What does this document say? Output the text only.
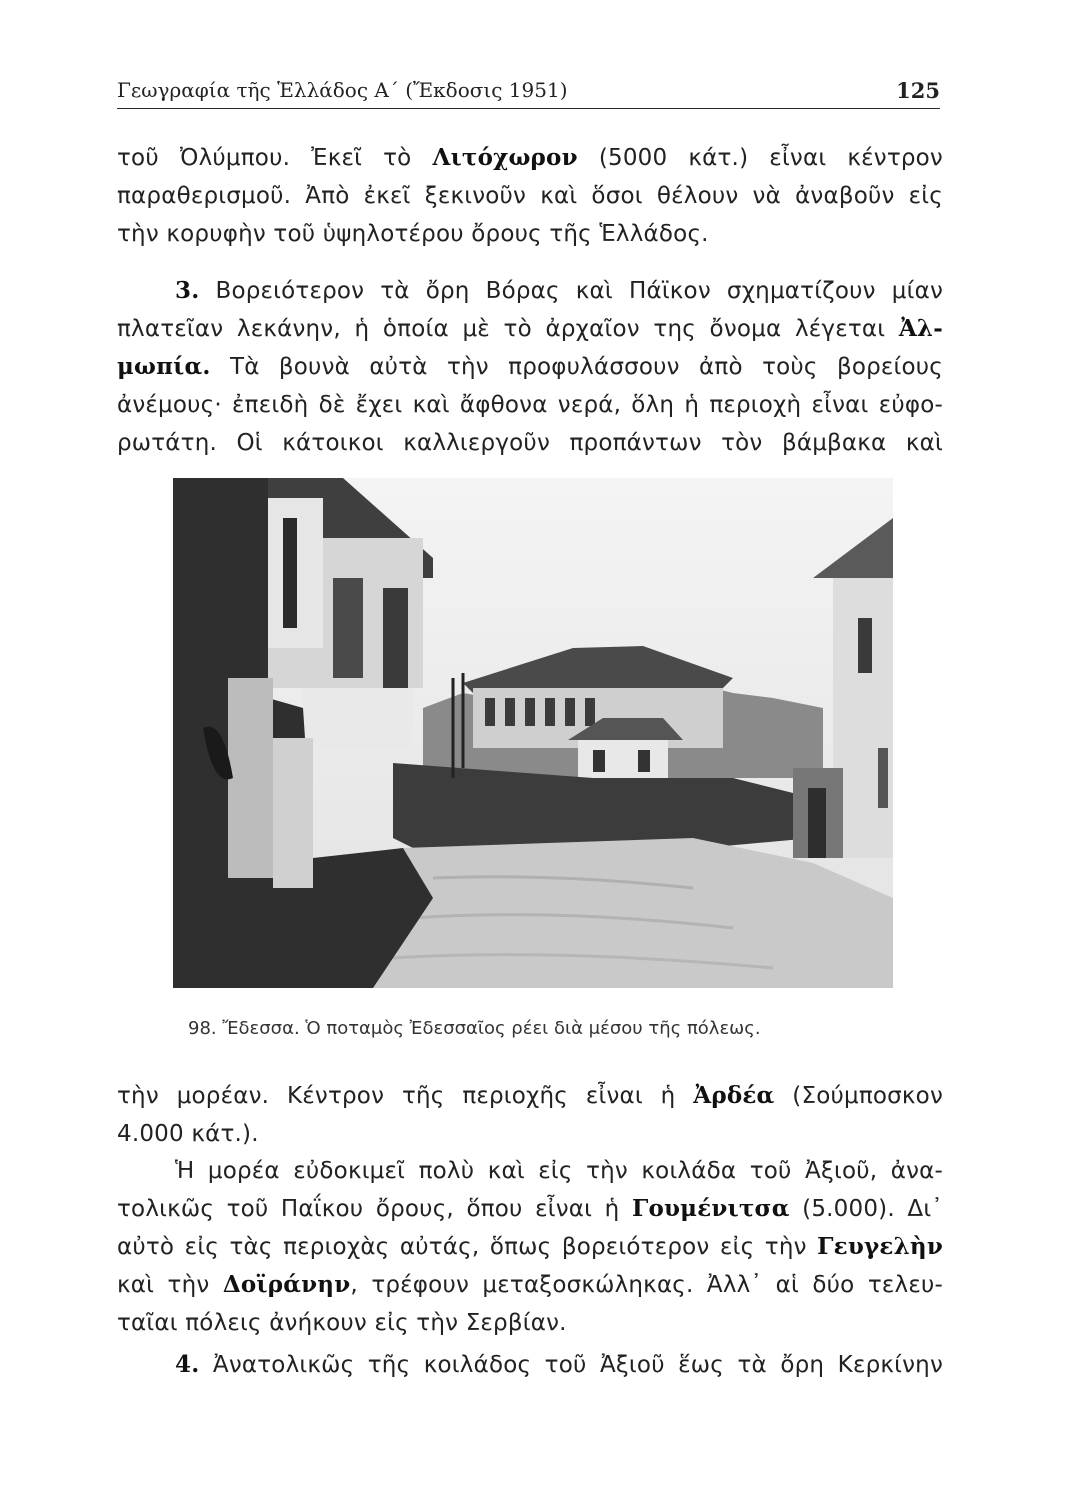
Γεωγραφία τῆς Ἑλλάδος Α΄ (Ἔκδοσις 1951)	125
τοῦ Ὀλύμπου. Ἐκεῖ τὸ Λιτόχωρον (5000 κάτ.) εἶναι κέντρον
παραθερισμοῦ. Ἀπὸ ἐκεῖ ξεκινοῦν καὶ ὅσοι θέλουν νὰ ἀναβοῦν εἰς
τὴν κορυφὴν τοῦ ὑψηλοτέρου ὄρους τῆς Ἑλλάδος.
3. Βορειότερον τὰ ὄρη Βόρας καὶ Πάϊκον σχηματίζουν μίαν
πλατεῖαν λεκάνην, ἡ ὁποία μὲ τὸ ἀρχαῖον της ὄνομα λέγεται Ἀλ-
μωπία. Τὰ βουνὰ αὐτὰ τὴν προφυλάσσουν ἀπὸ τοὺς βορείους
ἀνέμους· ἐπειδὴ δὲ ἔχει καὶ ἄφθονα νερά, ὅλη ἡ περιοχὴ εἶναι εὐφο-
ρωτάτη. Οἱ κάτοικοι καλλιεργοῦν προπάντων τὸν βάμβακα καὶ
98. Ἔδεσσα. Ὁ ποταμὸς Ἐδεσσαῖος ρέει διὰ μέσου τῆς πόλεως.
τὴν μορέαν. Κέντρον τῆς περιοχῆς εἶναι ἡ Ἀρδέα (Σούμποσκον
4.000 κάτ.).
Ἡ μορέα εὐδοκιμεῖ πολὺ καὶ εἰς τὴν κοιλάδα τοῦ Ἀξιοῦ, ἀνα-
τολικῶς τοῦ Παΐκου ὄρους, ὅπου εἶναι ἡ Γουμένιτσα (5.000). Δι᾽
αὐτὸ εἰς τὰς περιοχὰς αὐτάς, ὅπως βορειότερον εἰς τὴν Γευγελὴν
καὶ τὴν Δοϊράνην, τρέφουν μεταξοσκώληκας. Ἀλλ᾽ αἱ δύο τελευ-
ταῖαι πόλεις ἀνήκουν εἰς τὴν Σερβίαν.
4. Ἀνατολικῶς τῆς κοιλάδος τοῦ Ἀξιοῦ ἕως τὰ ὄρη Κερκίνην
